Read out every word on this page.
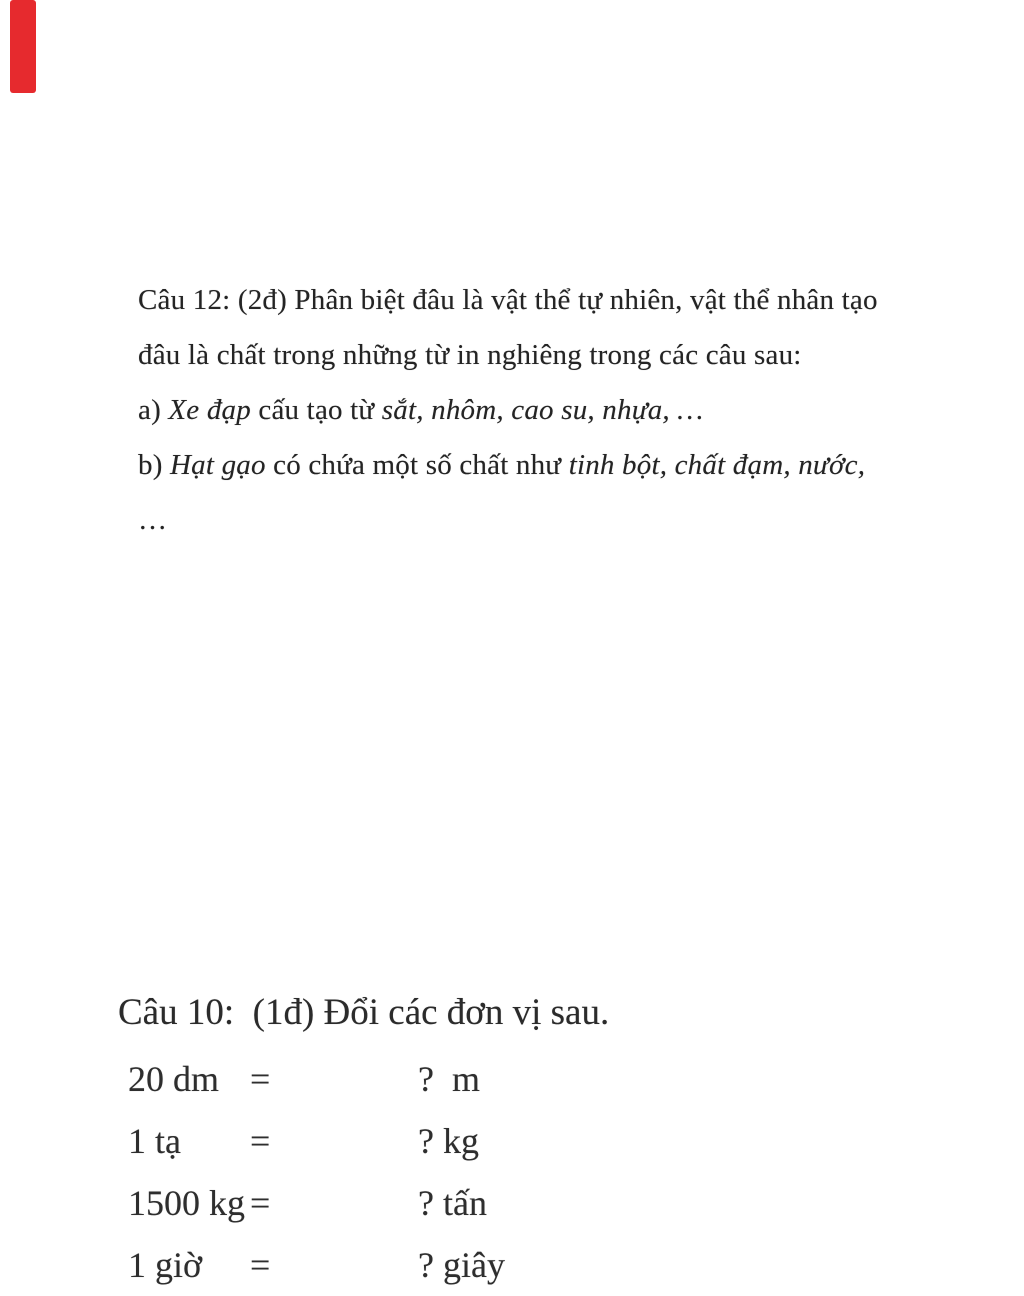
Câu 12: (2đ) Phân biệt đâu là vật thể tự nhiên, vật thể nhân tạo
đâu là chất trong những từ in nghiêng trong các câu sau:
a) Xe đạp cấu tạo từ sắt, nhôm, cao su, nhựa, …
b) Hạt gạo có chứa một số chất như tinh bột, chất đạm, nước,
…
Câu 10:  (1đ) Đổi các đơn vị sau.
20 dm =	?  m
1 tạ	=	? kg
1500 kg =	? tấn
1 giờ	=	? giây
